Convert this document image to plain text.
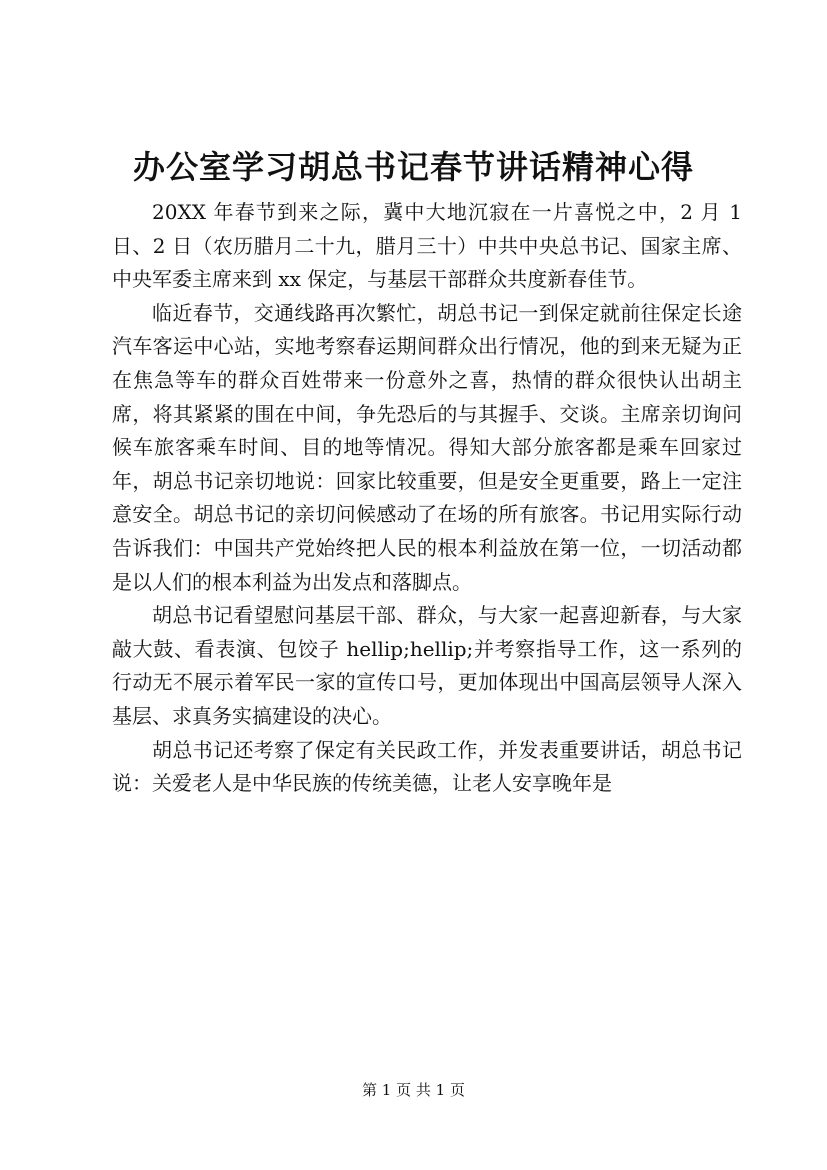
办公室学习胡总书记春节讲话精神心得

20XX 年春节到来之际，冀中大地沉寂在一片喜悦之中，2 月 1 日、2 日（农历腊月二十九，腊月三十）中共中央总书记、国家主席、中央军委主席来到 xx 保定，与基层干部群众共度新春佳节。

临近春节，交通线路再次繁忙，胡总书记一到保定就前往保定长途汽车客运中心站，实地考察春运期间群众出行情况，他的到来无疑为正在焦急等车的群众百姓带来一份意外之喜，热情的群众很快认出胡主席，将其紧紧的围在中间，争先恐后的与其握手、交谈。主席亲切询问候车旅客乘车时间、目的地等情况。得知大部分旅客都是乘车回家过年，胡总书记亲切地说：回家比较重要，但是安全更重要，路上一定注意安全。胡总书记的亲切问候感动了在场的所有旅客。书记用实际行动告诉我们：中国共产党始终把人民的根本利益放在第一位，一切活动都是以人们的根本利益为出发点和落脚点。

胡总书记看望慰问基层干部、群众，与大家一起喜迎新春，与大家敲大鼓、看表演、包饺子 hellip;hellip;并考察指导工作，这一系列的行动无不展示着军民一家的宣传口号，更加体现出中国高层领导人深入基层、求真务实搞建设的决心。

胡总书记还考察了保定有关民政工作，并发表重要讲话，胡总书记说：关爱老人是中华民族的传统美德，让老人安享晚年是

第 1 页 共 1 页
